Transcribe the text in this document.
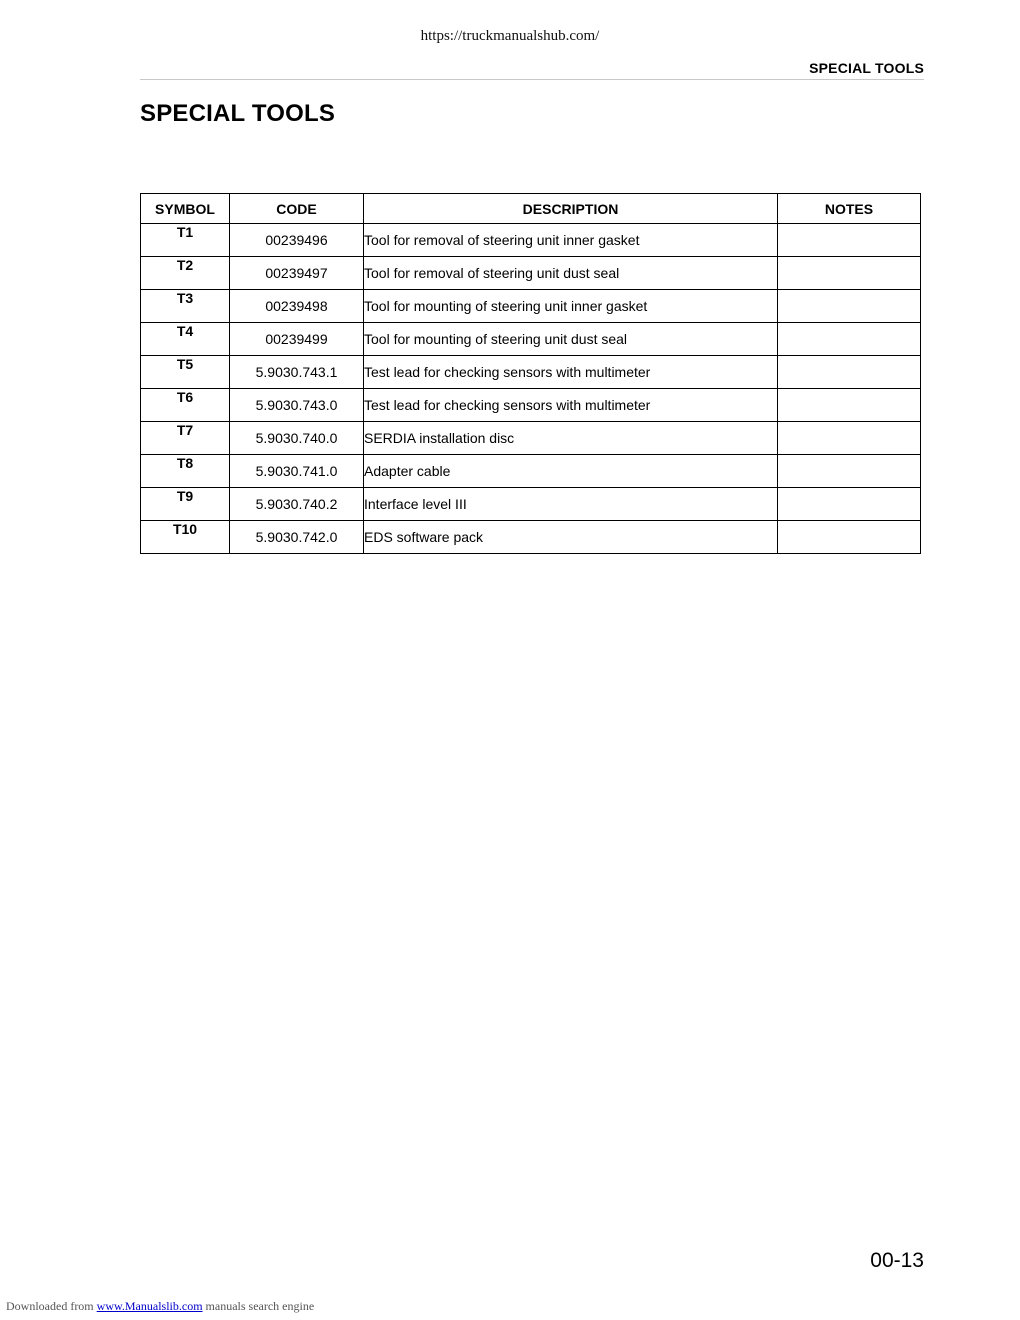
https://truckmanualshub.com/
SPECIAL TOOLS
SPECIAL TOOLS
SYMBOL	CODE	DESCRIPTION	NOTES
T1	00239496	Tool for removal of steering unit inner gasket	
T2	00239497	Tool for removal of steering unit dust seal	
T3	00239498	Tool for mounting of steering unit inner gasket	
T4	00239499	Tool for mounting of steering unit dust seal	
T5	5.9030.743.1	Test lead for checking sensors with multimeter	
T6	5.9030.743.0	Test lead for checking sensors with multimeter	
T7	5.9030.740.0	SERDIA installation disc	
T8	5.9030.741.0	Adapter cable	
T9	5.9030.740.2	Interface level III	
T10	5.9030.742.0	EDS software pack	
00-13
Downloaded from www.Manualslib.com manuals search engine
